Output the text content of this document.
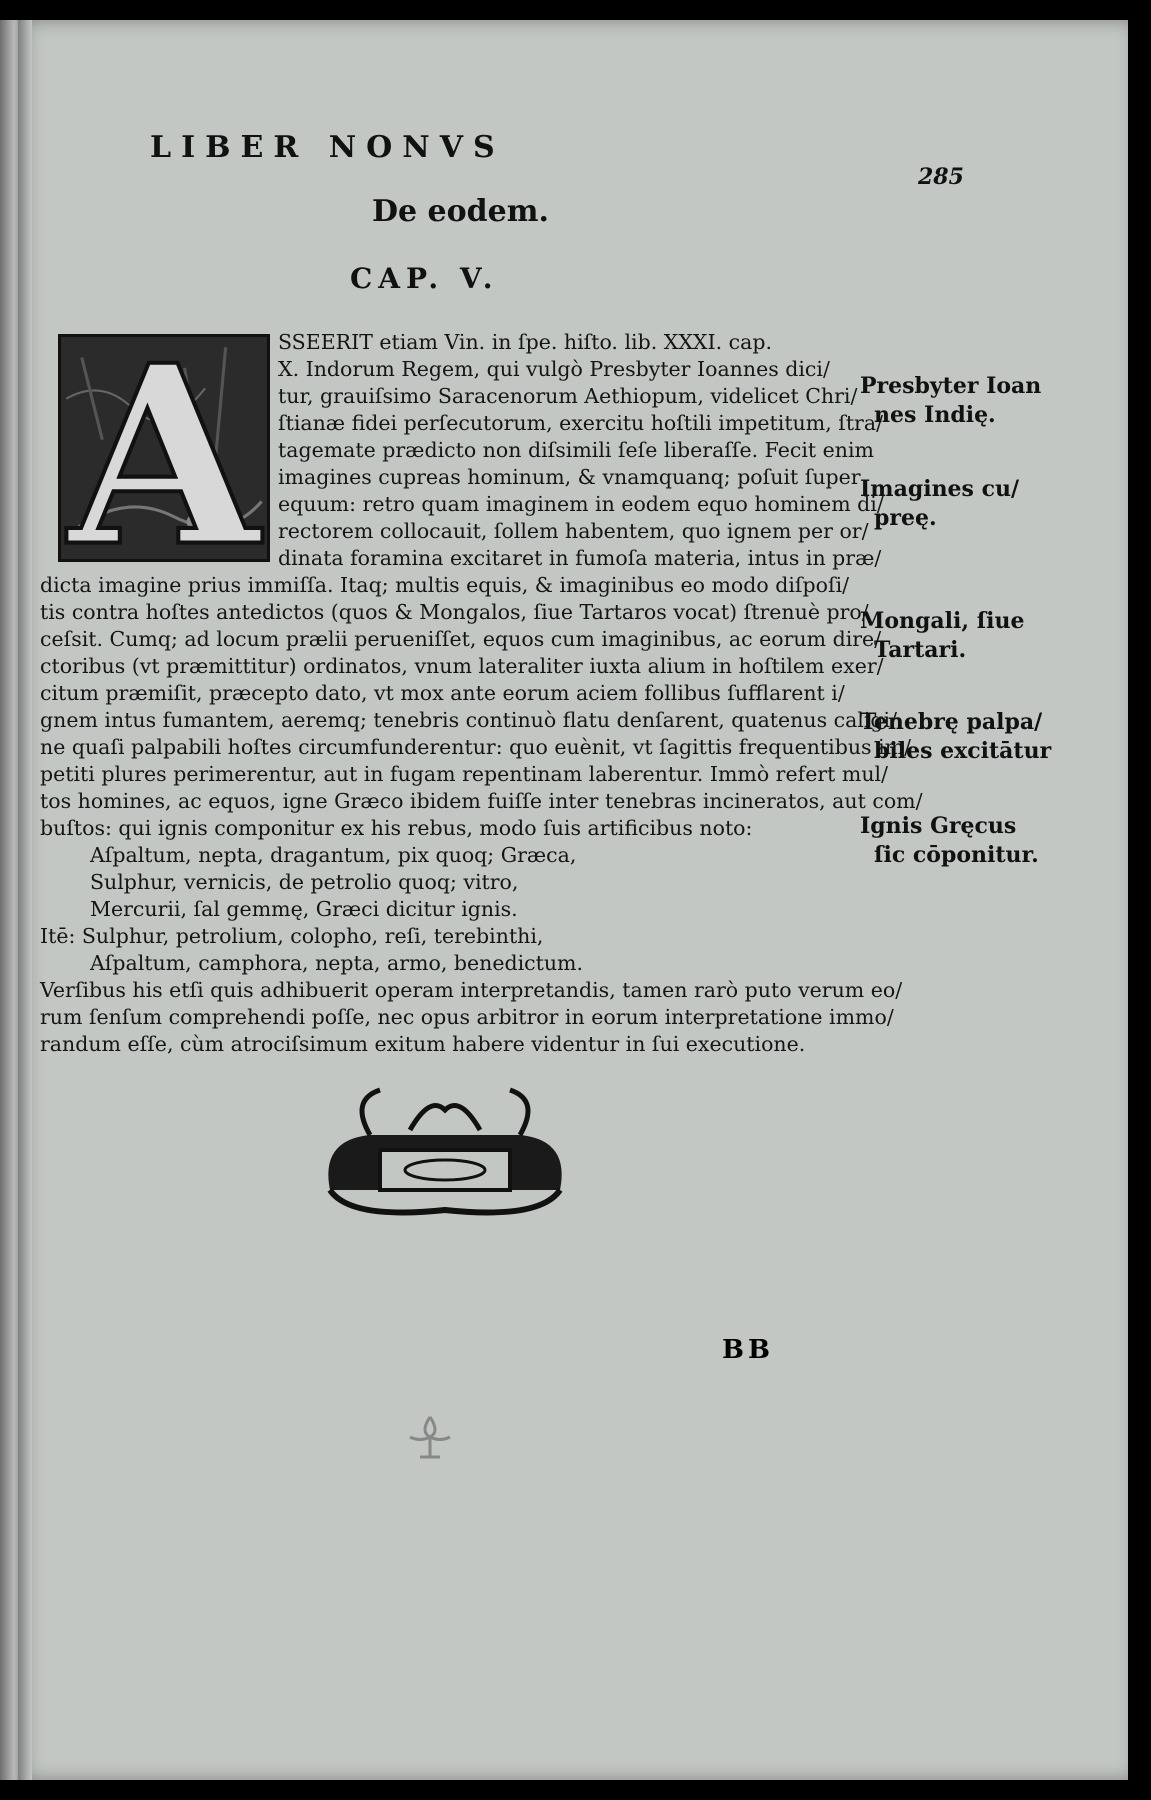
LIBER NONVS
285
De eodem.
CAP. V.
A SSEERIT etiam Vin. in ſpe. hiſto. lib. XXXI. cap.
X. Indorum Regem, qui vulgò Presbyter Ioannes dici/
tur, grauiſsimo Saracenorum Aethiopum, videlicet Chri/
ſtianæ fidei perſecutorum, exercitu hoſtili impetitum, ſtra/
tagemate prædicto non diſsimili ſeſe liberaſſe. Fecit enim
imagines cupreas hominum, & vnamquanq; poſuit ſuper
equum: retro quam imaginem in eodem equo hominem di/
rectorem collocauit, ſollem habentem, quo ignem per or/
dinata foramina excitaret in fumoſa materia, intus in præ/
dicta imagine prius immiſſa. Itaq; multis equis, & imaginibus eo modo diſpoſi/
tis contra hoſtes antedictos (quos & Mongalos, ſiue Tartaros vocat) ſtrenuè pro/
ceſsit. Cumq; ad locum prælii perueniſſet, equos cum imaginibus, ac eorum dire/
ctoribus (vt præmittitur) ordinatos, vnum lateraliter iuxta alium in hoſtilem exer/
citum præmiſit, præcepto dato, vt mox ante eorum aciem follibus ſufflarent i/
gnem intus fumantem, aeremq; tenebris continuò flatu denſarent, quatenus caligi/
ne quaſi palpabili hoſtes circumfunderentur: quo euènit, vt ſagittis frequentibus im/
petiti plures perimerentur, aut in fugam repentinam laberentur. Immò refert mul/
tos homines, ac equos, igne Græco ibidem fuiſſe inter tenebras incineratos, aut com/
buſtos: qui ignis componitur ex his rebus, modo ſuis artificibus noto:
Aſpaltum, nepta, dragantum, pix quoq; Græca,
Sulphur, vernicis, de petrolio quoq; vitro,
Mercurii, ſal gemmę, Græci dicitur ignis.
Itē: Sulphur, petrolium, colopho, reſi, terebinthi,
Aſpaltum, camphora, nepta, armo, benedictum.
Verſibus his etſi quis adhibuerit operam interpretandis, tamen rarò puto verum eo/
rum ſenſum comprehendi poſſe, nec opus arbitror in eorum interpretatione immo/
randum eſſe, cùm atrociſsimum exitum habere videntur in ſui executione.
Presbyter Ioan
nes Indię.
Imagines cu/
preę.
Mongali, ſiue
Tartari.
Tenebrę palpa/
biles excitātur
Ignis Gręcus
ſic cōponitur.
BB
